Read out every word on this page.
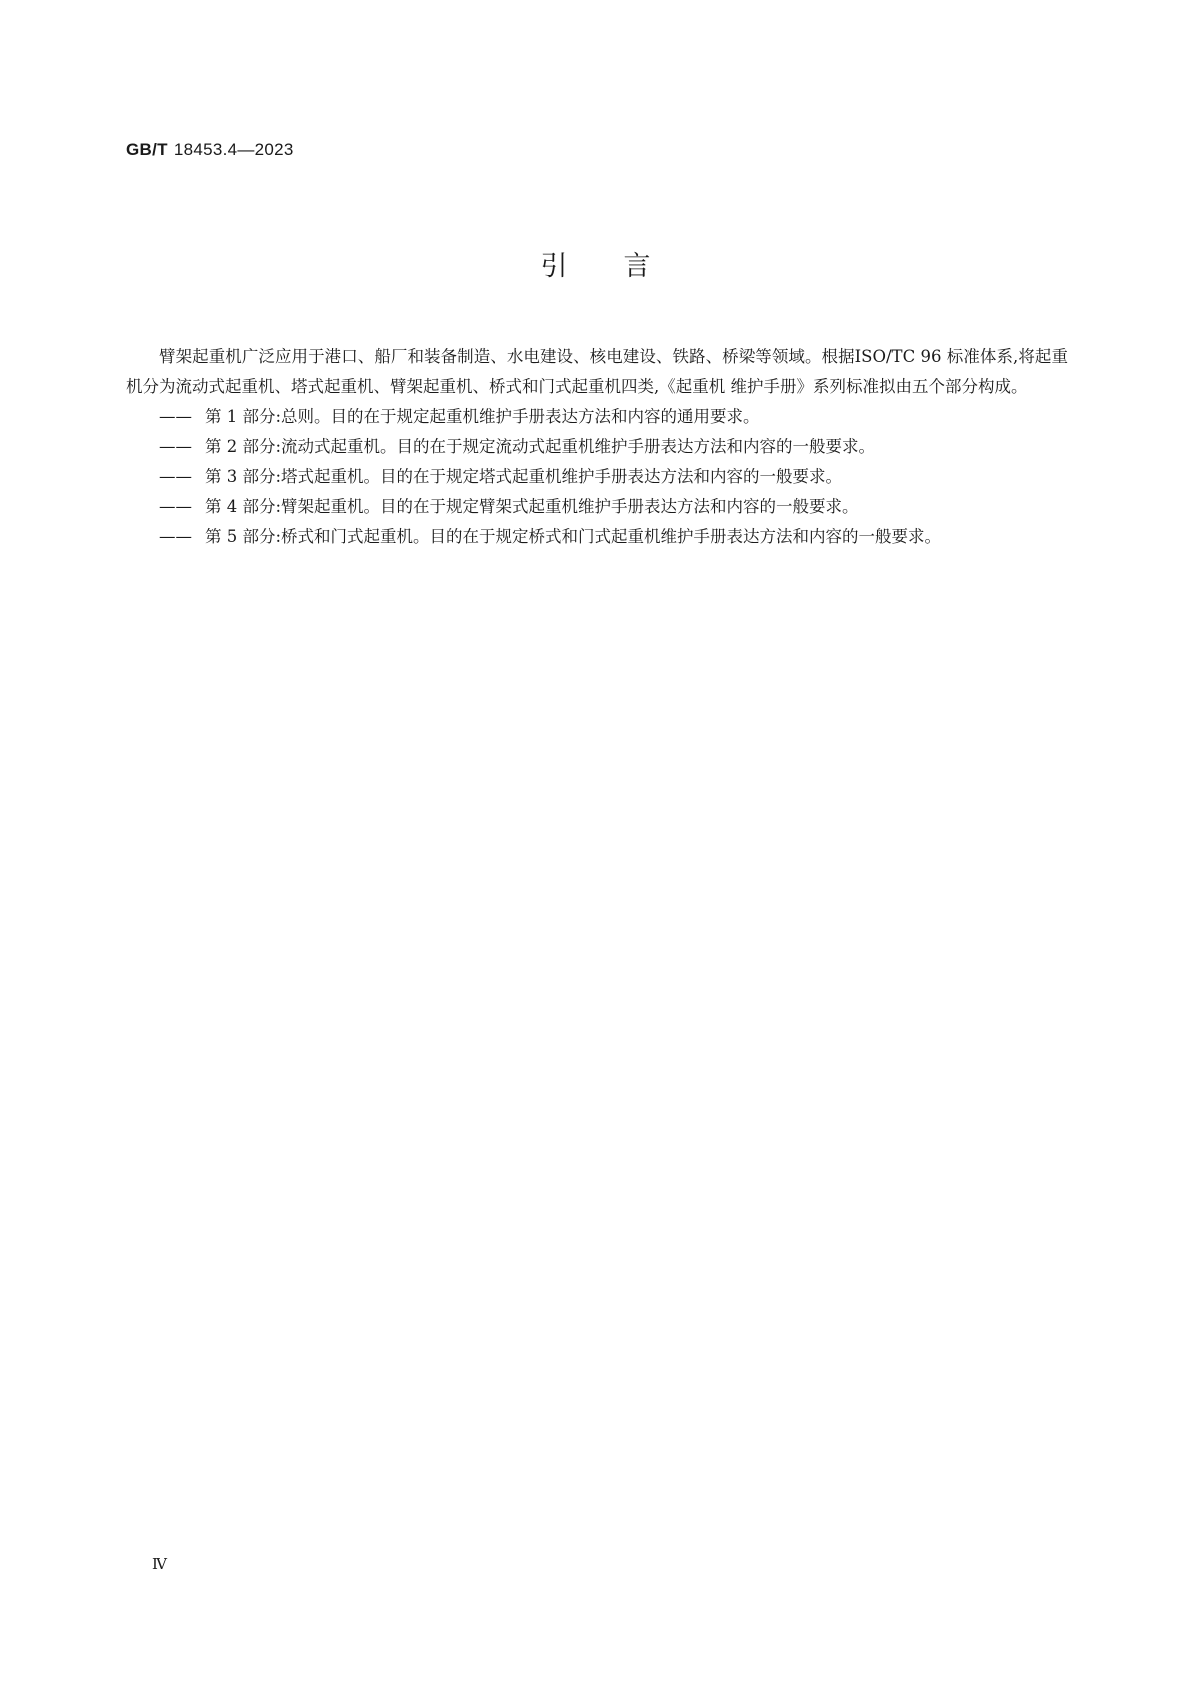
GB/T 18453.4—2023
引言

臂架起重机广泛应用于港口、船厂和装备制造、水电建设、核电建设、铁路、桥梁等领域。根据ISO/TC 96 标准体系,将起重机分为流动式起重机、塔式起重机、臂架起重机、桥式和门式起重机四类,《起重机 维护手册》系列标准拟由五个部分构成。

—— 第 1 部分:总则。目的在于规定起重机维护手册表达方法和内容的通用要求。
—— 第 2 部分:流动式起重机。目的在于规定流动式起重机维护手册表达方法和内容的一般要求。
—— 第 3 部分:塔式起重机。目的在于规定塔式起重机维护手册表达方法和内容的一般要求。
—— 第 4 部分:臂架起重机。目的在于规定臂架式起重机维护手册表达方法和内容的一般要求。
—— 第 5 部分:桥式和门式起重机。目的在于规定桥式和门式起重机维护手册表达方法和内容的一般要求。
Ⅳ
